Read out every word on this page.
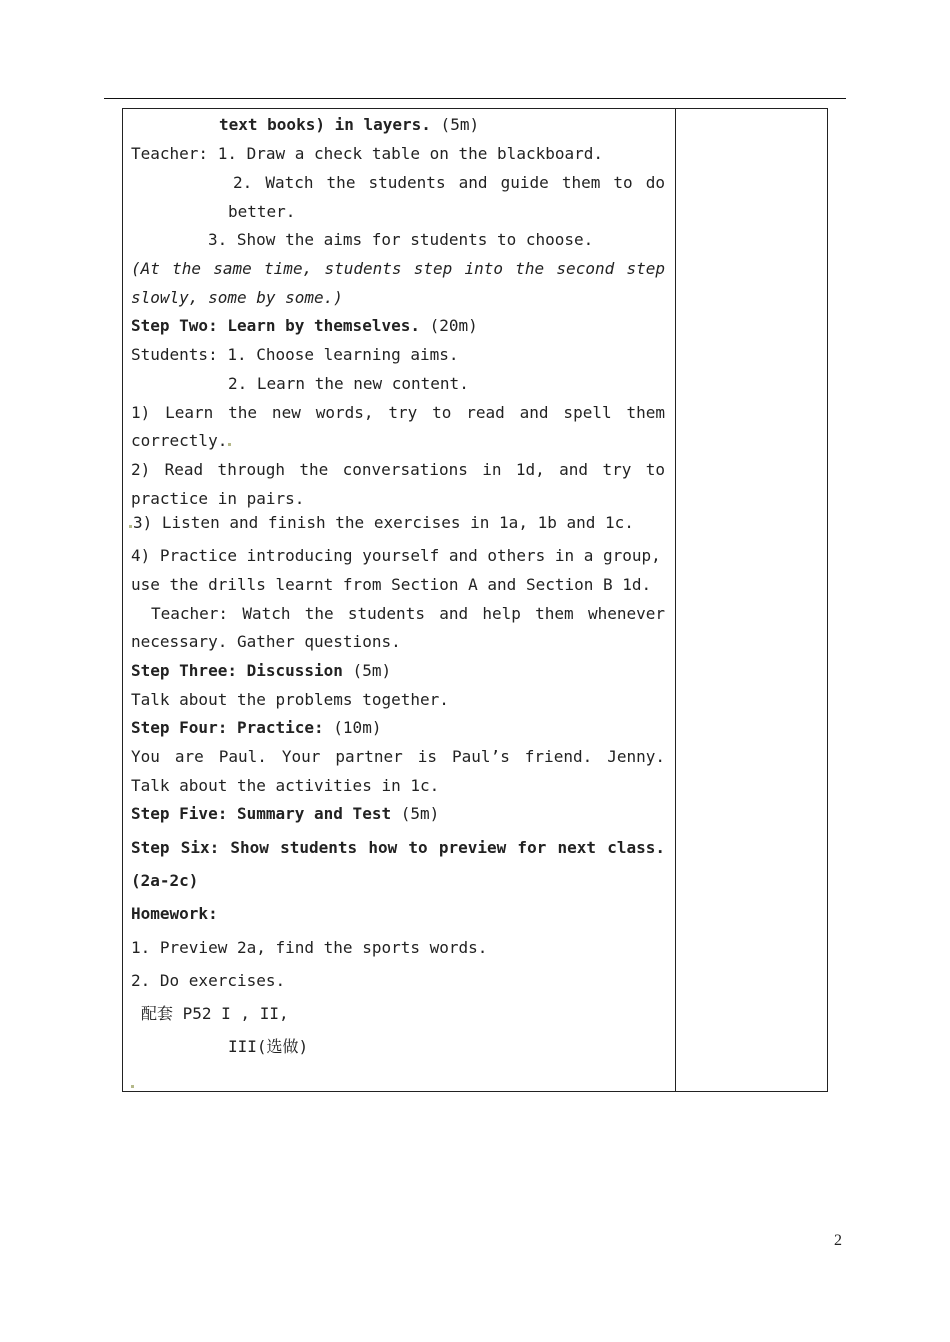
text books) in layers. (5m)
Teacher: 1. Draw a check table on the blackboard.
2. Watch the students and guide them to do
better.
3. Show the aims for students to choose.
(At the same time, students step into the second step
slowly, some by some.)
Step Two: Learn by themselves. (20m)
Students: 1. Choose learning aims.
2. Learn the new content.
1) Learn the new words, try to read and spell them
correctly.
2) Read through the conversations in 1d, and try to
practice in pairs.
3) Listen and finish the exercises in 1a, 1b and 1c.
4) Practice introducing yourself and others in a group,
use the drills learnt from Section A and Section B 1d.
Teacher: Watch the students and help them whenever
necessary. Gather questions.
Step Three: Discussion (5m)
Talk about the problems together.
Step Four: Practice: (10m)
You are Paul. Your partner is Paul’s friend. Jenny.
Talk about the activities in 1c.
Step Five: Summary and Test (5m)
Step Six: Show students how to preview for next class.
(2a-2c)
Homework:
1. Preview 2a, find the sports words.
2. Do exercises.
配套 P52 I , II,
III(选做)
2
